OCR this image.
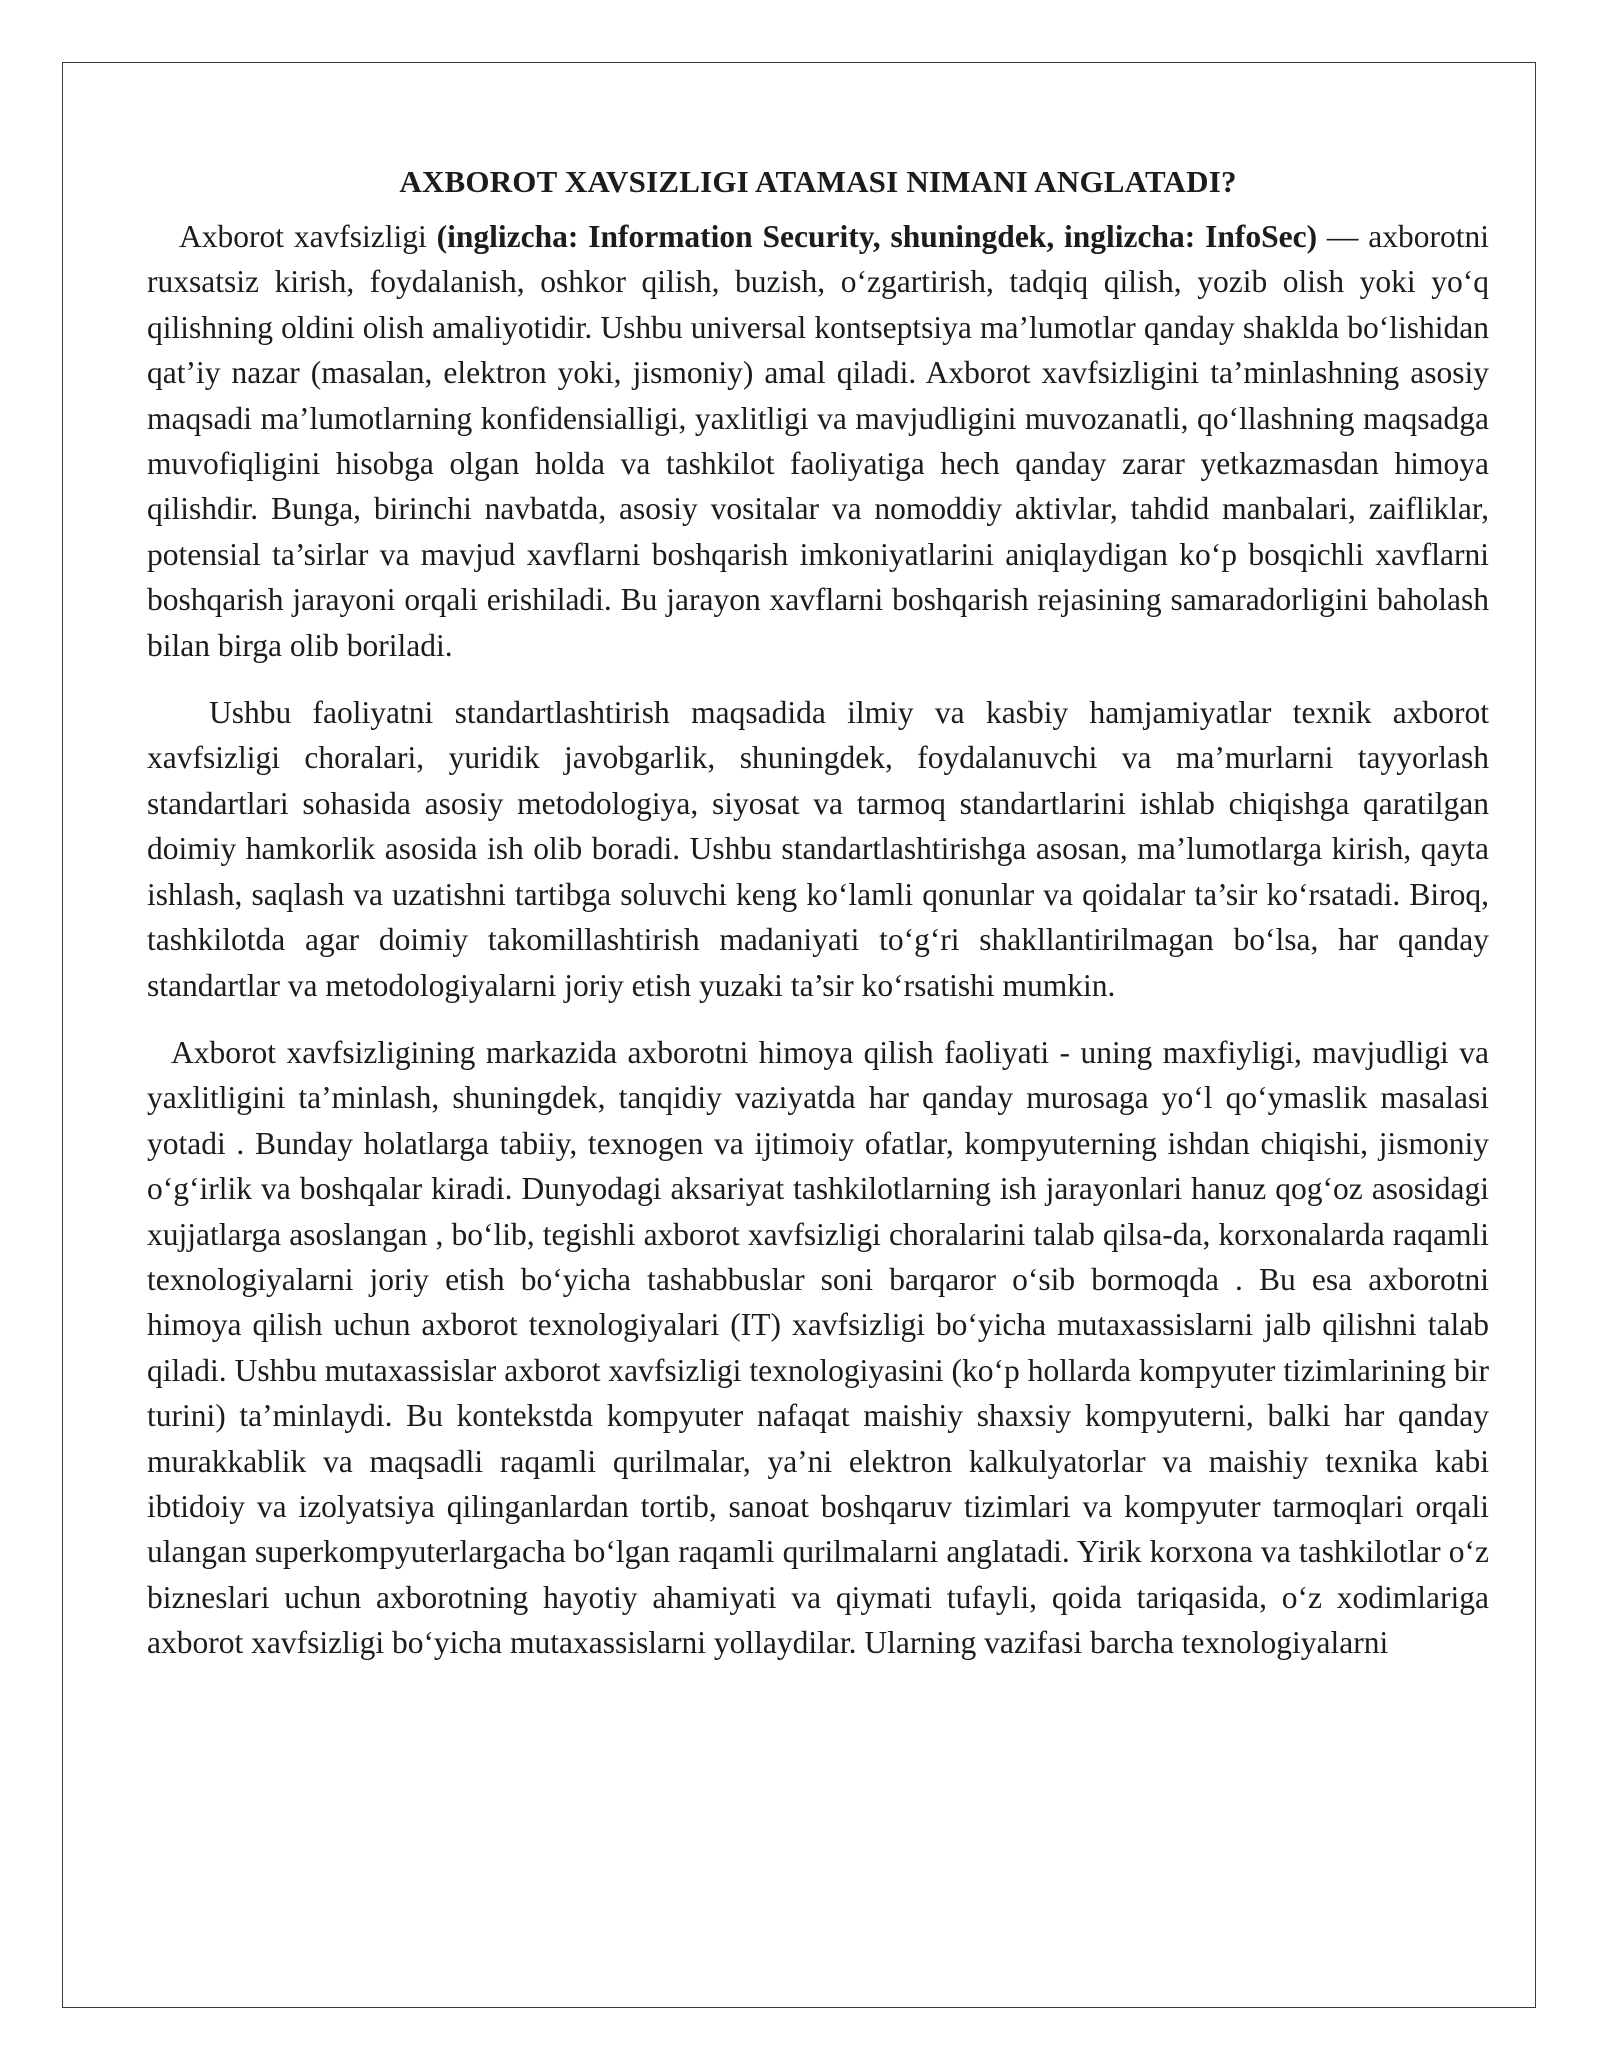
AXBOROT XAVSIZLIGI ATAMASI NIMANI ANGLATADI?

Axborot xavfsizligi (inglizcha: Information Security, shuningdek, inglizcha: InfoSec) — axborotni ruxsatsiz kirish, foydalanish, oshkor qilish, buzish, o‘zgartirish, tadqiq qilish, yozib olish yoki yo‘q qilishning oldini olish amaliyotidir. Ushbu universal kontseptsiya ma’lumotlar qanday shaklda bo‘lishidan qat’iy nazar (masalan, elektron yoki, jismoniy) amal qiladi. Axborot xavfsizligini ta’minlashning asosiy maqsadi ma’lumotlarning konfidensialligi, yaxlitligi va mavjudligini muvozanatli, qo‘llashning maqsadga muvofiqligini hisobga olgan holda va tashkilot faoliyatiga hech qanday zarar yetkazmasdan himoya qilishdir. Bunga, birinchi navbatda, asosiy vositalar va nomoddiy aktivlar, tahdid manbalari, zaifliklar, potensial ta’sirlar va mavjud xavflarni boshqarish imkoniyatlarini aniqlaydigan ko‘p bosqichli xavflarni boshqarish jarayoni orqali erishiladi. Bu jarayon xavflarni boshqarish rejasining samaradorligini baholash bilan birga olib boriladi.

Ushbu faoliyatni standartlashtirish maqsadida ilmiy va kasbiy hamjamiyatlar texnik axborot xavfsizligi choralari, yuridik javobgarlik, shuningdek, foydalanuvchi va ma’murlarni tayyorlash standartlari sohasida asosiy metodologiya, siyosat va tarmoq standartlarini ishlab chiqishga qaratilgan doimiy hamkorlik asosida ish olib boradi. Ushbu standartlashtirishga asosan, ma’lumotlarga kirish, qayta ishlash, saqlash va uzatishni tartibga soluvchi keng ko‘lamli qonunlar va qoidalar ta’sir ko‘rsatadi. Biroq, tashkilotda agar doimiy takomillashtirish madaniyati to‘g‘ri shakllantirilmagan bo‘lsa, har qanday standartlar va metodologiyalarni joriy etish yuzaki ta’sir ko‘rsatishi mumkin.

Axborot xavfsizligining markazida axborotni himoya qilish faoliyati - uning maxfiyligi, mavjudligi va yaxlitligini ta’minlash, shuningdek, tanqidiy vaziyatda har qanday murosaga yo‘l qo‘ymaslik masalasi yotadi . Bunday holatlarga tabiiy, texnogen va ijtimoiy ofatlar, kompyuterning ishdan chiqishi, jismoniy o‘g‘irlik va boshqalar kiradi. Dunyodagi aksariyat tashkilotlarning ish jarayonlari hanuz qog‘oz asosidagi xujjatlarga asoslangan , bo‘lib, tegishli axborot xavfsizligi choralarini talab qilsa-da, korxonalarda raqamli texnologiyalarni joriy etish bo‘yicha tashabbuslar soni barqaror o‘sib bormoqda . Bu esa axborotni himoya qilish uchun axborot texnologiyalari (IT) xavfsizligi bo‘yicha mutaxassislarni jalb qilishni talab qiladi. Ushbu mutaxassislar axborot xavfsizligi texnologiyasini (ko‘p hollarda kompyuter tizimlarining bir turini) ta’minlaydi. Bu kontekstda kompyuter nafaqat maishiy shaxsiy kompyuterni, balki har qanday murakkablik va maqsadli raqamli qurilmalar, ya’ni elektron kalkulyatorlar va maishiy texnika kabi ibtidoiy va izolyatsiya qilinganlardan tortib, sanoat boshqaruv tizimlari va kompyuter tarmoqlari orqali ulangan superkompyuterlargacha bo‘lgan raqamli qurilmalarni anglatadi. Yirik korxona va tashkilotlar o‘z bizneslari uchun axborotning hayotiy ahamiyati va qiymati tufayli, qoida tariqasida, o‘z xodimlariga axborot xavfsizligi bo‘yicha mutaxassislarni yollaydilar. Ularning vazifasi barcha texnologiyalarni
